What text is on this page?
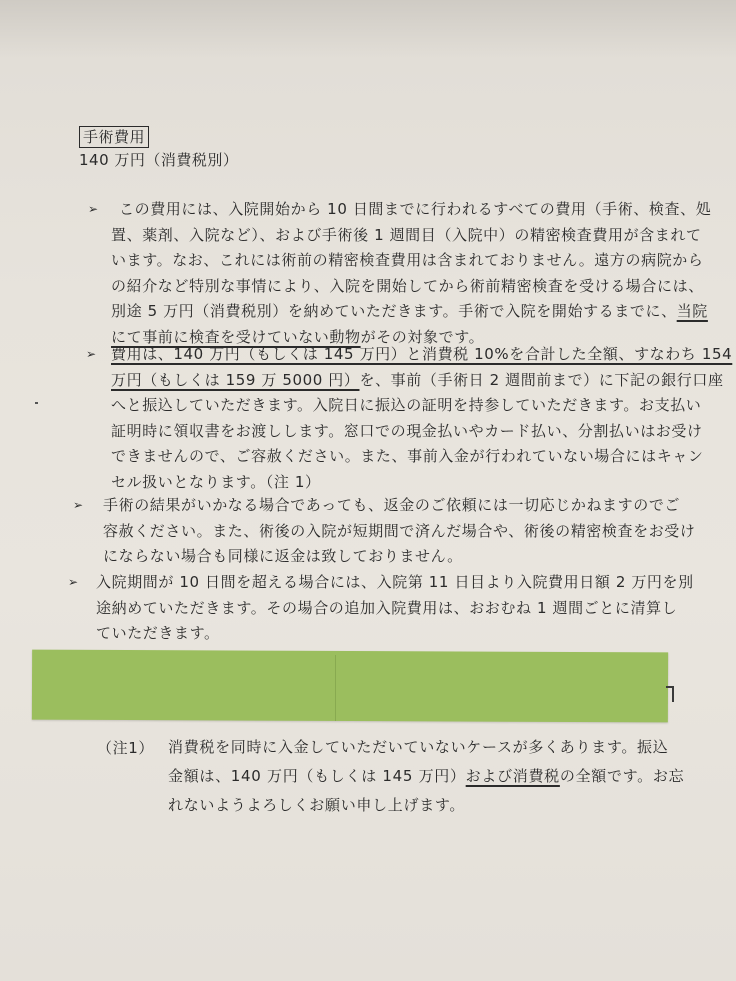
手術費用
140 万円（消費税別）
➢ この費用には、入院開始から 10 日間までに行われるすべての費用（手術、検査、処
置、薬剤、入院など）、および手術後 1 週間目（入院中）の精密検査費用が含まれて
います。なお、これには術前の精密検査費用は含まれておりません。遠方の病院から
の紹介など特別な事情により、入院を開始してから術前精密検査を受ける場合には、
別途 5 万円（消費税別）を納めていただきます。手術で入院を開始するまでに、当院
にて事前に検査を受けていない動物がその対象です。
➢ 費用は、140 万円（もしくは 145 万円）と消費税 10%を合計した全額、すなわち 154
万円（もしくは 159 万 5000 円）を、事前（手術日 2 週間前まで）に下記の銀行口座
へと振込していただきます。入院日に振込の証明を持参していただきます。お支払い
証明時に領収書をお渡しします。窓口での現金払いやカード払い、分割払いはお受け
できませんので、ご容赦ください。また、事前入金が行われていない場合にはキャン
セル扱いとなります。（注 1）
➢ 手術の結果がいかなる場合であっても、返金のご依頼には一切応じかねますのでご
容赦ください。また、術後の入院が短期間で済んだ場合や、術後の精密検査をお受け
にならない場合も同様に返金は致しておりません。
➢ 入院期間が 10 日間を超える場合には、入院第 11 日目より入院費用日額 2 万円を別
途納めていただきます。その場合の追加入院費用は、おおむね 1 週間ごとに清算し
ていただきます。
（注1） 消費税を同時に入金していただいていないケースが多くあります。振込
金額は、140 万円（もしくは 145 万円）および消費税の全額です。お忘
れないようよろしくお願い申し上げます。
